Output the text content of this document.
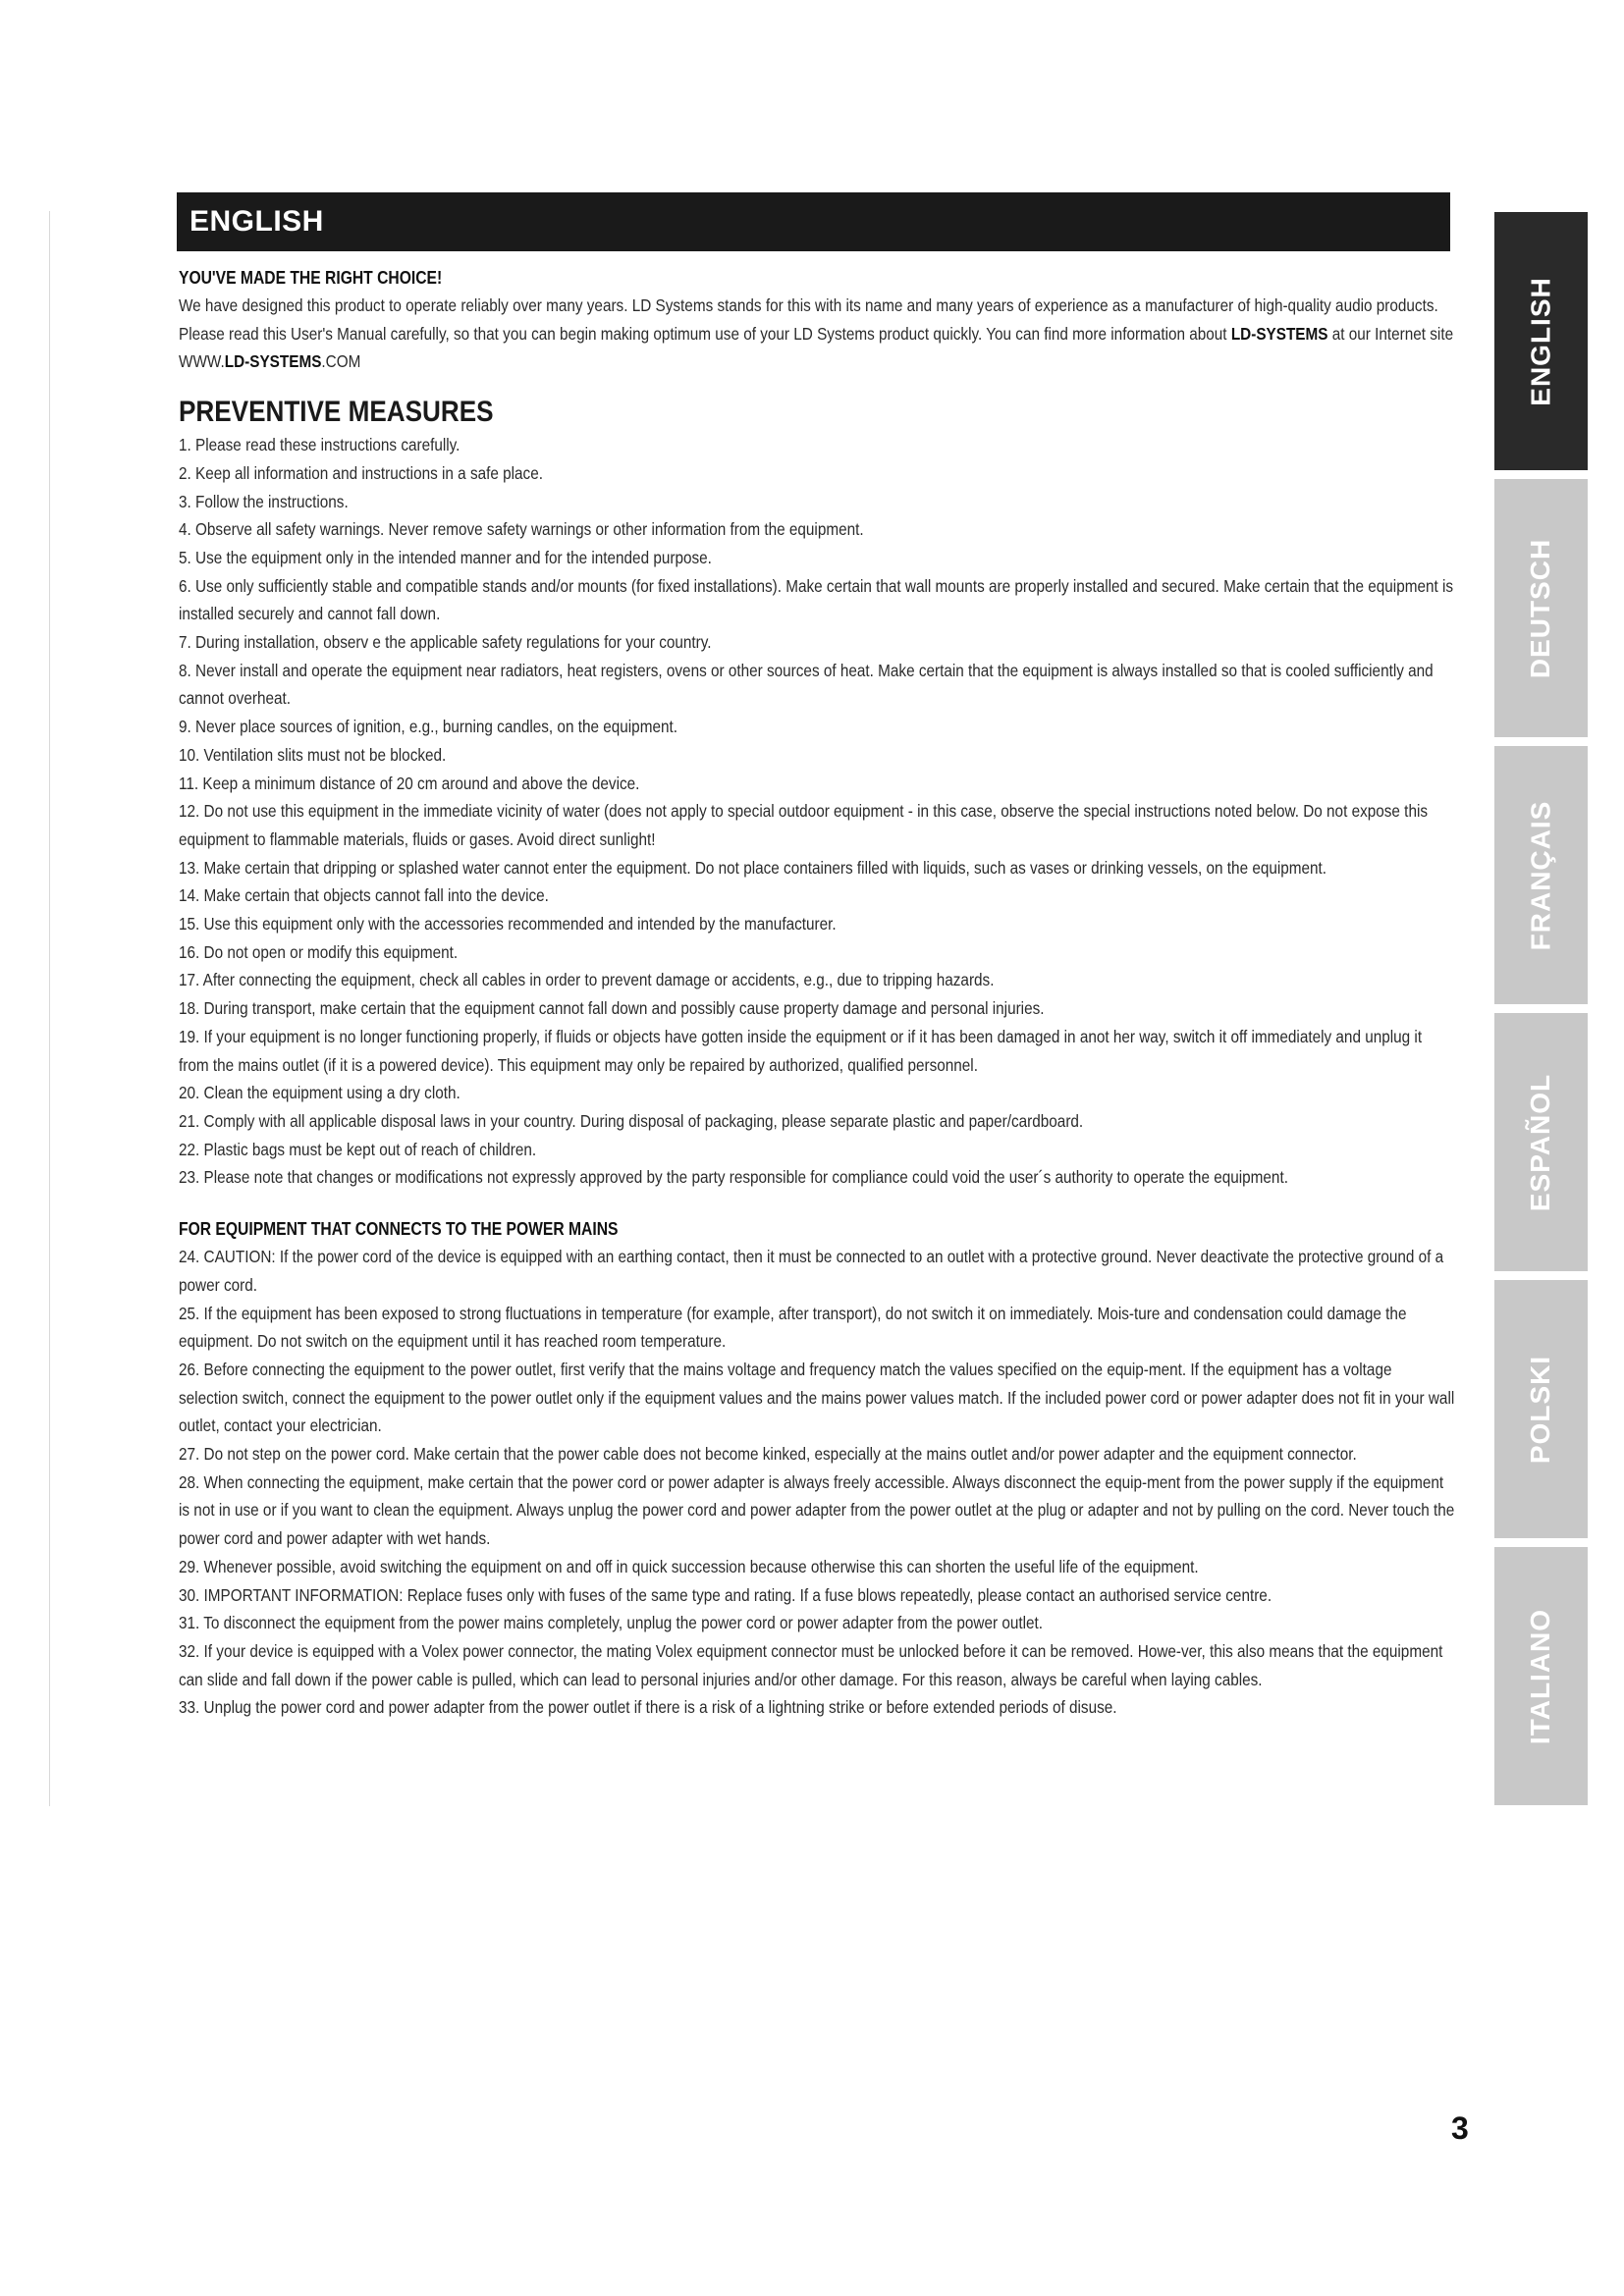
ENGLISH

YOU'VE MADE THE RIGHT CHOICE!

We have designed this product to operate reliably over many years. LD Systems stands for this with its name and many years of experience as a manufacturer of high-quality audio products. Please read this User's Manual carefully, so that you can begin making optimum use of your LD Systems product quickly. You can find more information about LD-SYSTEMS at our Internet site WWW.LD-SYSTEMS.COM

PREVENTIVE MEASURES

1. Please read these instructions carefully.

2. Keep all information and instructions in a safe place.

3. Follow the instructions.

4. Observe all safety warnings. Never remove safety warnings or other information from the equipment.

5. Use the equipment only in the intended manner and for the intended purpose.

6. Use only sufficiently stable and compatible stands and/or mounts (for fixed installations). Make certain that wall mounts are properly installed and secured. Make certain that the equipment is installed securely and cannot fall down.

7. During installation, observ e the applicable safety regulations for your country.

8. Never install and operate the equipment near radiators, heat registers, ovens or other sources of heat. Make certain that the equipment is always installed so that is cooled sufficiently and cannot overheat.

9. Never place sources of ignition, e.g., burning candles, on the equipment.

10. Ventilation slits must not be blocked.

11. Keep a minimum distance of 20 cm around and above the device.

12. Do not use this equipment in the immediate vicinity of water (does not apply to special outdoor equipment - in this case, observe the special instructions noted below. Do not expose this equipment to flammable materials, fluids or gases. Avoid direct sunlight!

13. Make certain that dripping or splashed water cannot enter the equipment. Do not place containers filled with liquids, such as vases or drinking vessels, on the equipment.

14. Make certain that objects cannot fall into the device.

15. Use this equipment only with the accessories recommended and intended by the manufacturer.

16. Do not open or modify this equipment.

17. After connecting the equipment, check all cables in order to prevent damage or accidents, e.g., due to tripping hazards.

18. During transport, make certain that the equipment cannot fall down and possibly cause property damage and personal injuries.

19. If your equipment is no longer functioning properly, if fluids or objects have gotten inside the equipment or if it has been damaged in anot her way, switch it off immediately and unplug it from the mains outlet (if it is a powered device). This equipment may only be repaired by authorized, qualified personnel.

20. Clean the equipment using a dry cloth.

21. Comply with all applicable disposal laws in your country. During disposal of packaging, please separate plastic and paper/cardboard.

22. Plastic bags must be kept out of reach of children.

23. Please note that changes or modifications not expressly approved by the party responsible for compliance could void the user´s authority to operate the equipment.

FOR EQUIPMENT THAT CONNECTS TO THE POWER MAINS

24. CAUTION: If the power cord of the device is equipped with an earthing contact, then it must be connected to an outlet with a protective ground. Never deactivate the protective ground of a power cord.

25. If the equipment has been exposed to strong fluctuations in temperature (for example, after transport), do not switch it on immediately. Mois-ture and condensation could damage the equipment. Do not switch on the equipment until it has reached room temperature.

26. Before connecting the equipment to the power outlet, first verify that the mains voltage and frequency match the values specified on the equip-ment. If the equipment has a voltage selection switch, connect the equipment to the power outlet only if the equipment values and the mains power values match. If the included power cord or power adapter does not fit in your wall outlet, contact your electrician.

27. Do not step on the power cord. Make certain that the power cable does not become kinked, especially at the mains outlet and/or power adapter and the equipment connector.

28. When connecting the equipment, make certain that the power cord or power adapter is always freely accessible. Always disconnect the equip-ment from the power supply if the equipment is not in use or if you want to clean the equipment. Always unplug the power cord and power adapter from the power outlet at the plug or adapter and not by pulling on the cord. Never touch the power cord and power adapter with wet hands.

29. Whenever possible, avoid switching the equipment on and off in quick succession because otherwise this can shorten the useful life of the equipment.

30. IMPORTANT INFORMATION: Replace fuses only with fuses of the same type and rating. If a fuse blows repeatedly, please contact an authorised service centre.

31. To disconnect the equipment from the power mains completely, unplug the power cord or power adapter from the power outlet.

32. If your device is equipped with a Volex power connector, the mating Volex equipment connector must be unlocked before it can be removed. Howe-ver, this also means that the equipment can slide and fall down if the power cable is pulled, which can lead to personal injuries and/or other damage. For this reason, always be careful when laying cables.

33. Unplug the power cord and power adapter from the power outlet if there is a risk of a lightning strike or before extended periods of disuse.

ENGLISH
DEUTSCH
FRANÇAIS
ESPAÑOL
POLSKI
ITALIANO
3
